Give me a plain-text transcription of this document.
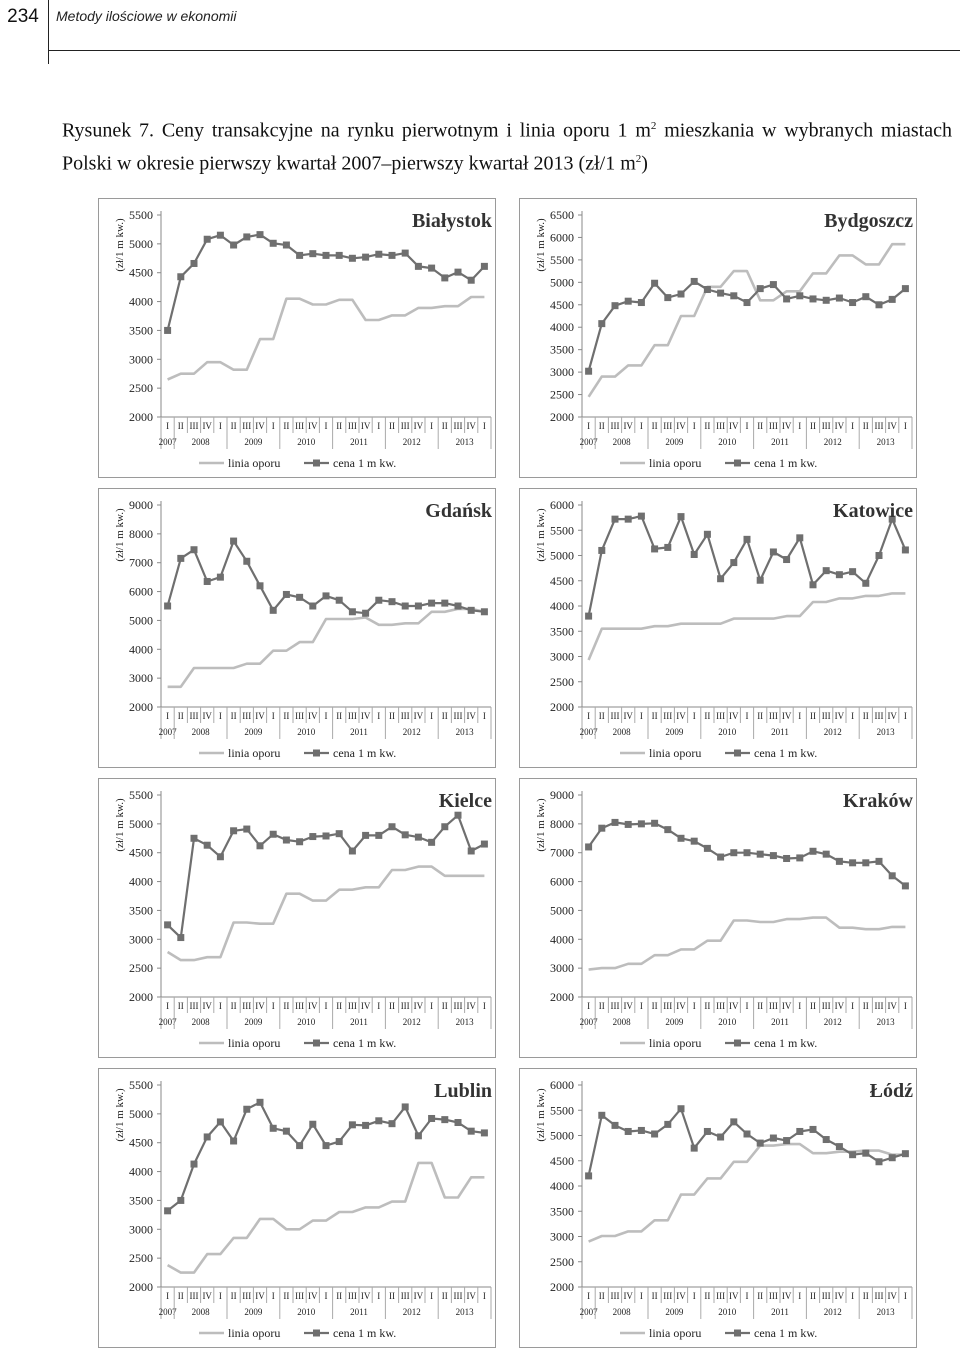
234	Metody ilościowe w ekonomii
Rysunek 7. Ceny transakcyjne na rynku pierwotnym i linia oporu 1 $m^2$ mieszkania w wybranych miastach Polski w okresie pierwszy kwartał 2007–pierwszy kwartał 2013 (zł/1 $m^2$)
2000
2500
3000
3500
4000
4500
5000
5500
(zł/1 m kw.)
I II III IV I II III IV I II III IV I II III IV I II III IV I II III IV I
2007 2008	2009	2010	2011	2012	2013
Białystok
linia oporu	cena 1 m kw.
2000
2500
3000
3500
4000
4500
5000
5500
6000
6500
(zł/1 m kw.)
I II III IV I II III IV I II III IV I II III IV I II III IV I II III IV I
2007 2008	2009	2010	2011	2012	2013
Bydgoszcz
linia oporu	cena 1 m kw.
2000
3000
4000
5000
6000
7000
8000
9000
(zł/1 m kw.)
I II III IV I II III IV I II III IV I II III IV I II III IV I II III IV I
2007 2008	2009	2010	2011	2012	2013
Gdańsk
linia oporu	cena 1 m kw.
2000
2500
3000
3500
4000
4500
5000
5500
6000
(zł/1 m kw.)
I II III IV I II III IV I II III IV I II III IV I II III IV I II III IV I
2007 2008	2009	2010	2011	2012	2013
Katowice
linia oporu	cena 1 m kw.
2000
2500
3000
3500
4000
4500
5000
5500
(zł/1 m kw.)
I II III IV I II III IV I II III IV I II III IV I II III IV I II III IV I
2007 2008	2009	2010	2011	2012	2013
Kielce
linia oporu	cena 1 m kw.
2000
3000
4000
5000
6000
7000
8000
9000
(zł/1 m kw.)
I II III IV I II III IV I II III IV I II III IV I II III IV I II III IV I
2007 2008	2009	2010	2011	2012	2013
Kraków
linia oporu	cena 1 m kw.
2000
2500
3000
3500
4000
4500
5000
5500
(zł/1 m kw.)
I II III IV I II III IV I II III IV I II III IV I II III IV I II III IV I
2007 2008	2009	2010	2011	2012	2013
Lublin
linia oporu	cena 1 m kw.
2000
2500
3000
3500
4000
4500
5000
5500
6000
(zł/1 m kw.)
I II III IV I II III IV I II III IV I II III IV I II III IV I II III IV I
2007 2008	2009	2010	2011	2012	2013
Łódź
linia oporu	cena 1 m kw.
